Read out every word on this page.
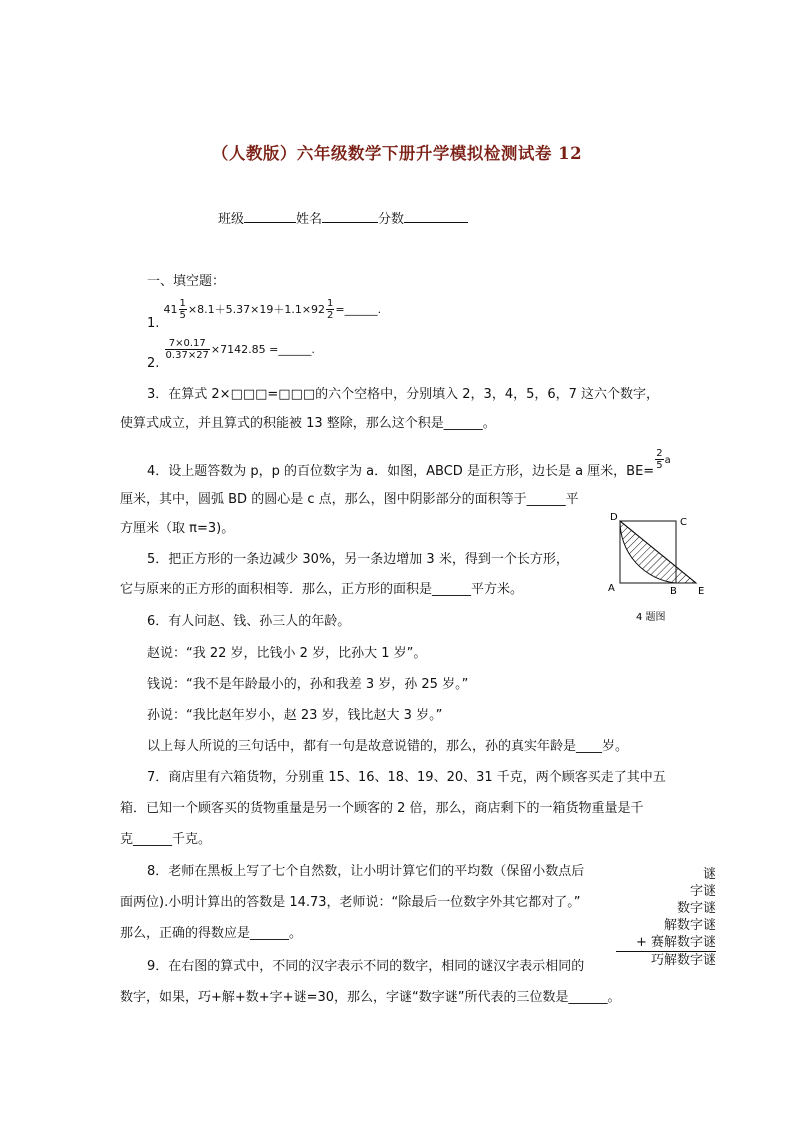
（人教版）六年级数学下册升学模拟检测试卷 12
班级	姓名	分数
一、填空题：
1. $41 \frac{1}{5} \times 8.1+5.37\times 19+1.1\times 92 \frac{1}{2}$ =______.
2.
$\frac{7\times 0.17}{0.37\times 27} \times 7142.85$ =______.
3．在算式 2×□□□=□□□的六个空格中，分别填入 2，3，4，5，6，7 这六个数字，
使算式成立，并且算式的积能被 13 整除，那么这个积是______。
4．设上题答数为 p，p 的百位数字为 a．如图，ABCD 是正方形，边长是 a 厘米，BE=
$\frac{2}{5} ^a$
厘米，其中，圆弧 BD 的圆心是 c 点，那么，图中阴影部分的面积等于______平
方厘米（取 π=3)。
D	C
A	B E
4 题图
5．把正方形的一条边减少 30%，另一条边增加 3 米，得到一个长方形，
它与原来的正方形的面积相等．那么，正方形的面积是______平方米。
6．有人问赵、钱、孙三人的年龄。
赵说：“我 22 岁，比钱小 2 岁，比孙大 1 岁”。
钱说：“我不是年龄最小的，孙和我差 3 岁，孙 25 岁。”
孙说：“我比赵年岁小，赵 23 岁，钱比赵大 3 岁。”
以上每人所说的三句话中，都有一句是故意说错的，那么，孙的真实年龄是____岁。
7．商店里有六箱货物，分别重 15、16、18、19、20、31 千克，两个顾客买走了其中五
箱．已知一个顾客买的货物重量是另一个顾客的 2 倍，那么，商店剩下的一箱货物重量是千
克______千克。
8．老师在黑板上写了七个自然数，让小明计算它们的平均数（保留小数点后
面两位).小明计算出的答数是 14.73，老师说：“除最后一位数字外其它都对了。”
那么，正确的得数应是______。
9．在右图的算式中，不同的汉字表示不同的数字，相同的谜汉字表示相同的
数字，如果，巧+解+数+字+谜=30，那么，字谜“数字谜”所代表的三位数是______。
谜
字谜
数字谜
解数字谜
+ 赛解数字谜
巧解数字谜
